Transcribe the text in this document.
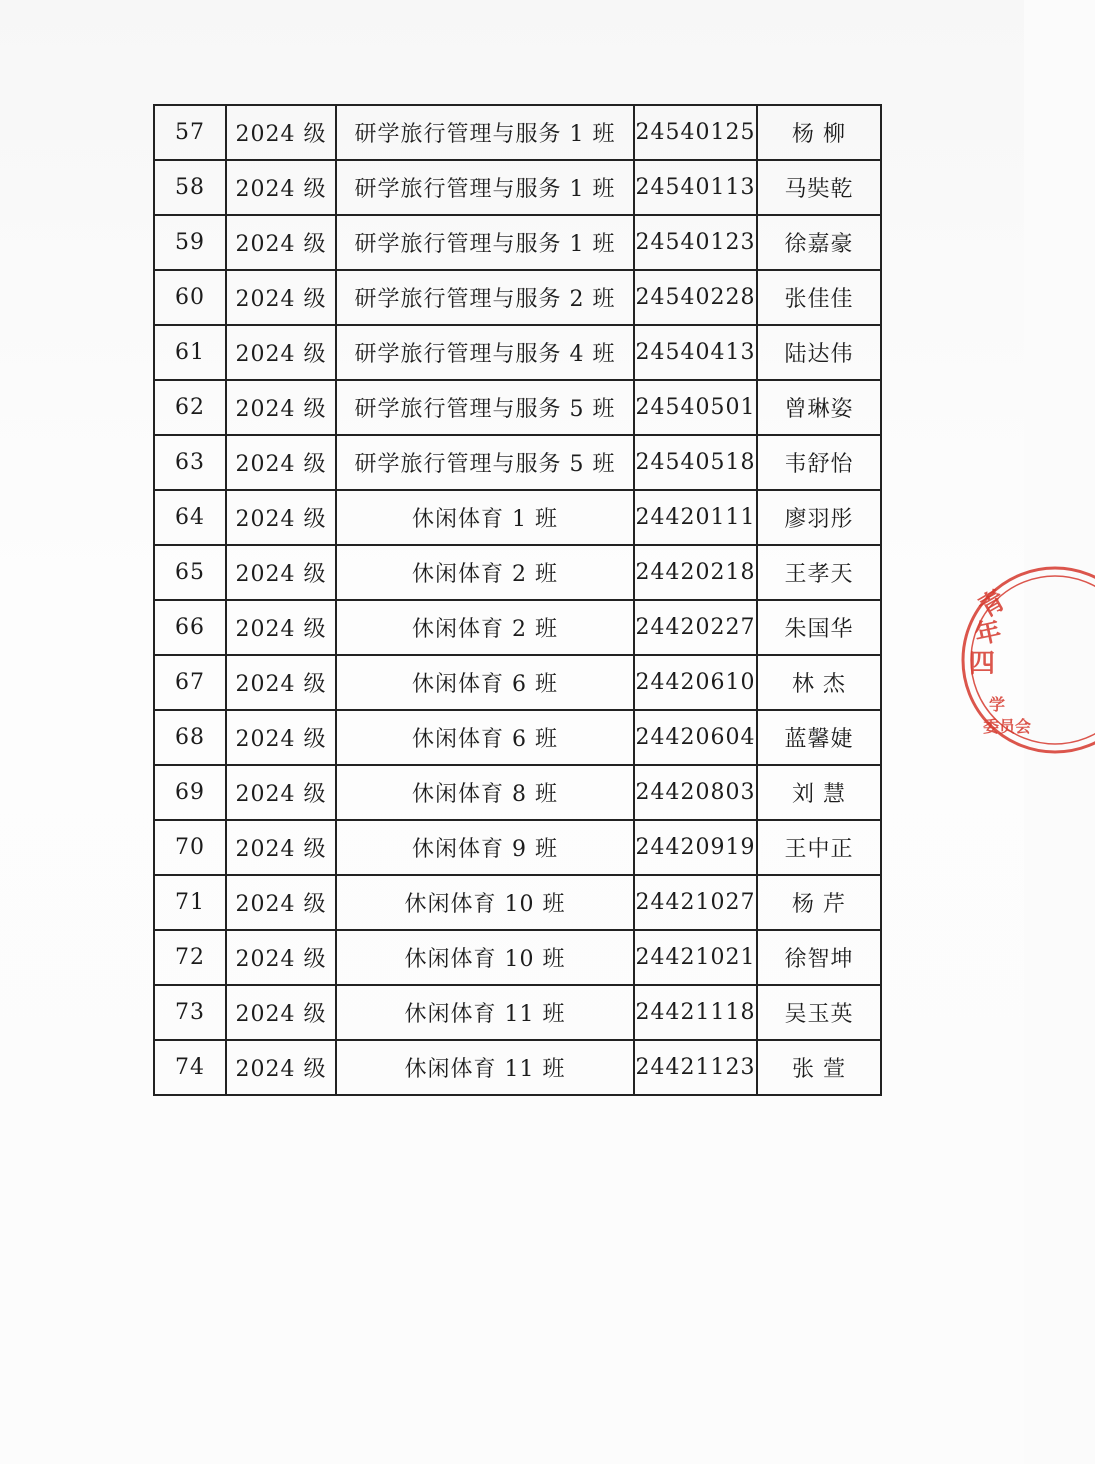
57	2024 级	研学旅行管理与服务 1 班	24540125	杨 柳
58	2024 级	研学旅行管理与服务 1 班	24540113	马奘乾
59	2024 级	研学旅行管理与服务 1 班	24540123	徐嘉豪
60	2024 级	研学旅行管理与服务 2 班	24540228	张佳佳
61	2024 级	研学旅行管理与服务 4 班	24540413	陆达伟
62	2024 级	研学旅行管理与服务 5 班	24540501	曾琳姿
63	2024 级	研学旅行管理与服务 5 班	24540518	韦舒怡
64	2024 级	休闲体育 1 班	24420111	廖羽彤
65	2024 级	休闲体育 2 班	24420218	王孝天
66	2024 级	休闲体育 2 班	24420227	朱国华
67	2024 级	休闲体育 6 班	24420610	林 杰
68	2024 级	休闲体育 6 班	24420604	蓝馨婕
69	2024 级	休闲体育 8 班	24420803	刘 慧
70	2024 级	休闲体育 9 班	24420919	王中正
71	2024 级	休闲体育 10 班	24421027	杨 芹
72	2024 级	休闲体育 10 班	24421021	徐智坤
73	2024 级	休闲体育 11 班	24421118	吴玉英
74	2024 级	休闲体育 11 班	24421123	张 萱
青
年
四
学
委 员 会
